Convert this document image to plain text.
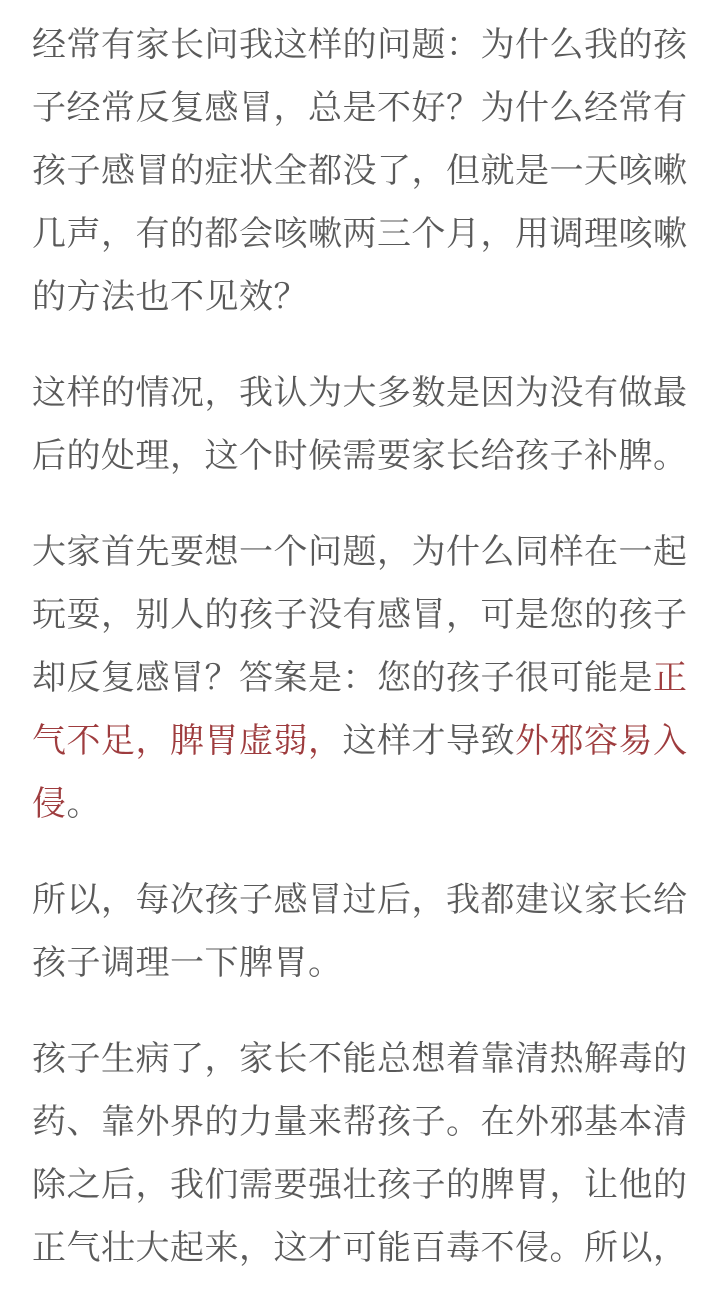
经常有家长问我这样的问题：为什么我的孩
子经常反复感冒，总是不好？为什么经常有
孩子感冒的症状全都没了，但就是一天咳嗽
几声，有的都会咳嗽两三个月，用调理咳嗽
的方法也不见效？
这样的情况，我认为大多数是因为没有做最
后的处理，这个时候需要家长给孩子补脾。
大家首先要想一个问题，为什么同样在一起
玩耍，别人的孩子没有感冒，可是您的孩子
却反复感冒？答案是：您的孩子很可能是正
气不足，脾胃虚弱，这样才导致外邪容易入
侵。
所以，每次孩子感冒过后，我都建议家长给
孩子调理一下脾胃。
孩子生病了，家长不能总想着靠清热解毒的
药、靠外界的力量来帮孩子。在外邪基本清
除之后，我们需要强壮孩子的脾胃，让他的
正气壮大起来，这才可能百毒不侵。所以，
